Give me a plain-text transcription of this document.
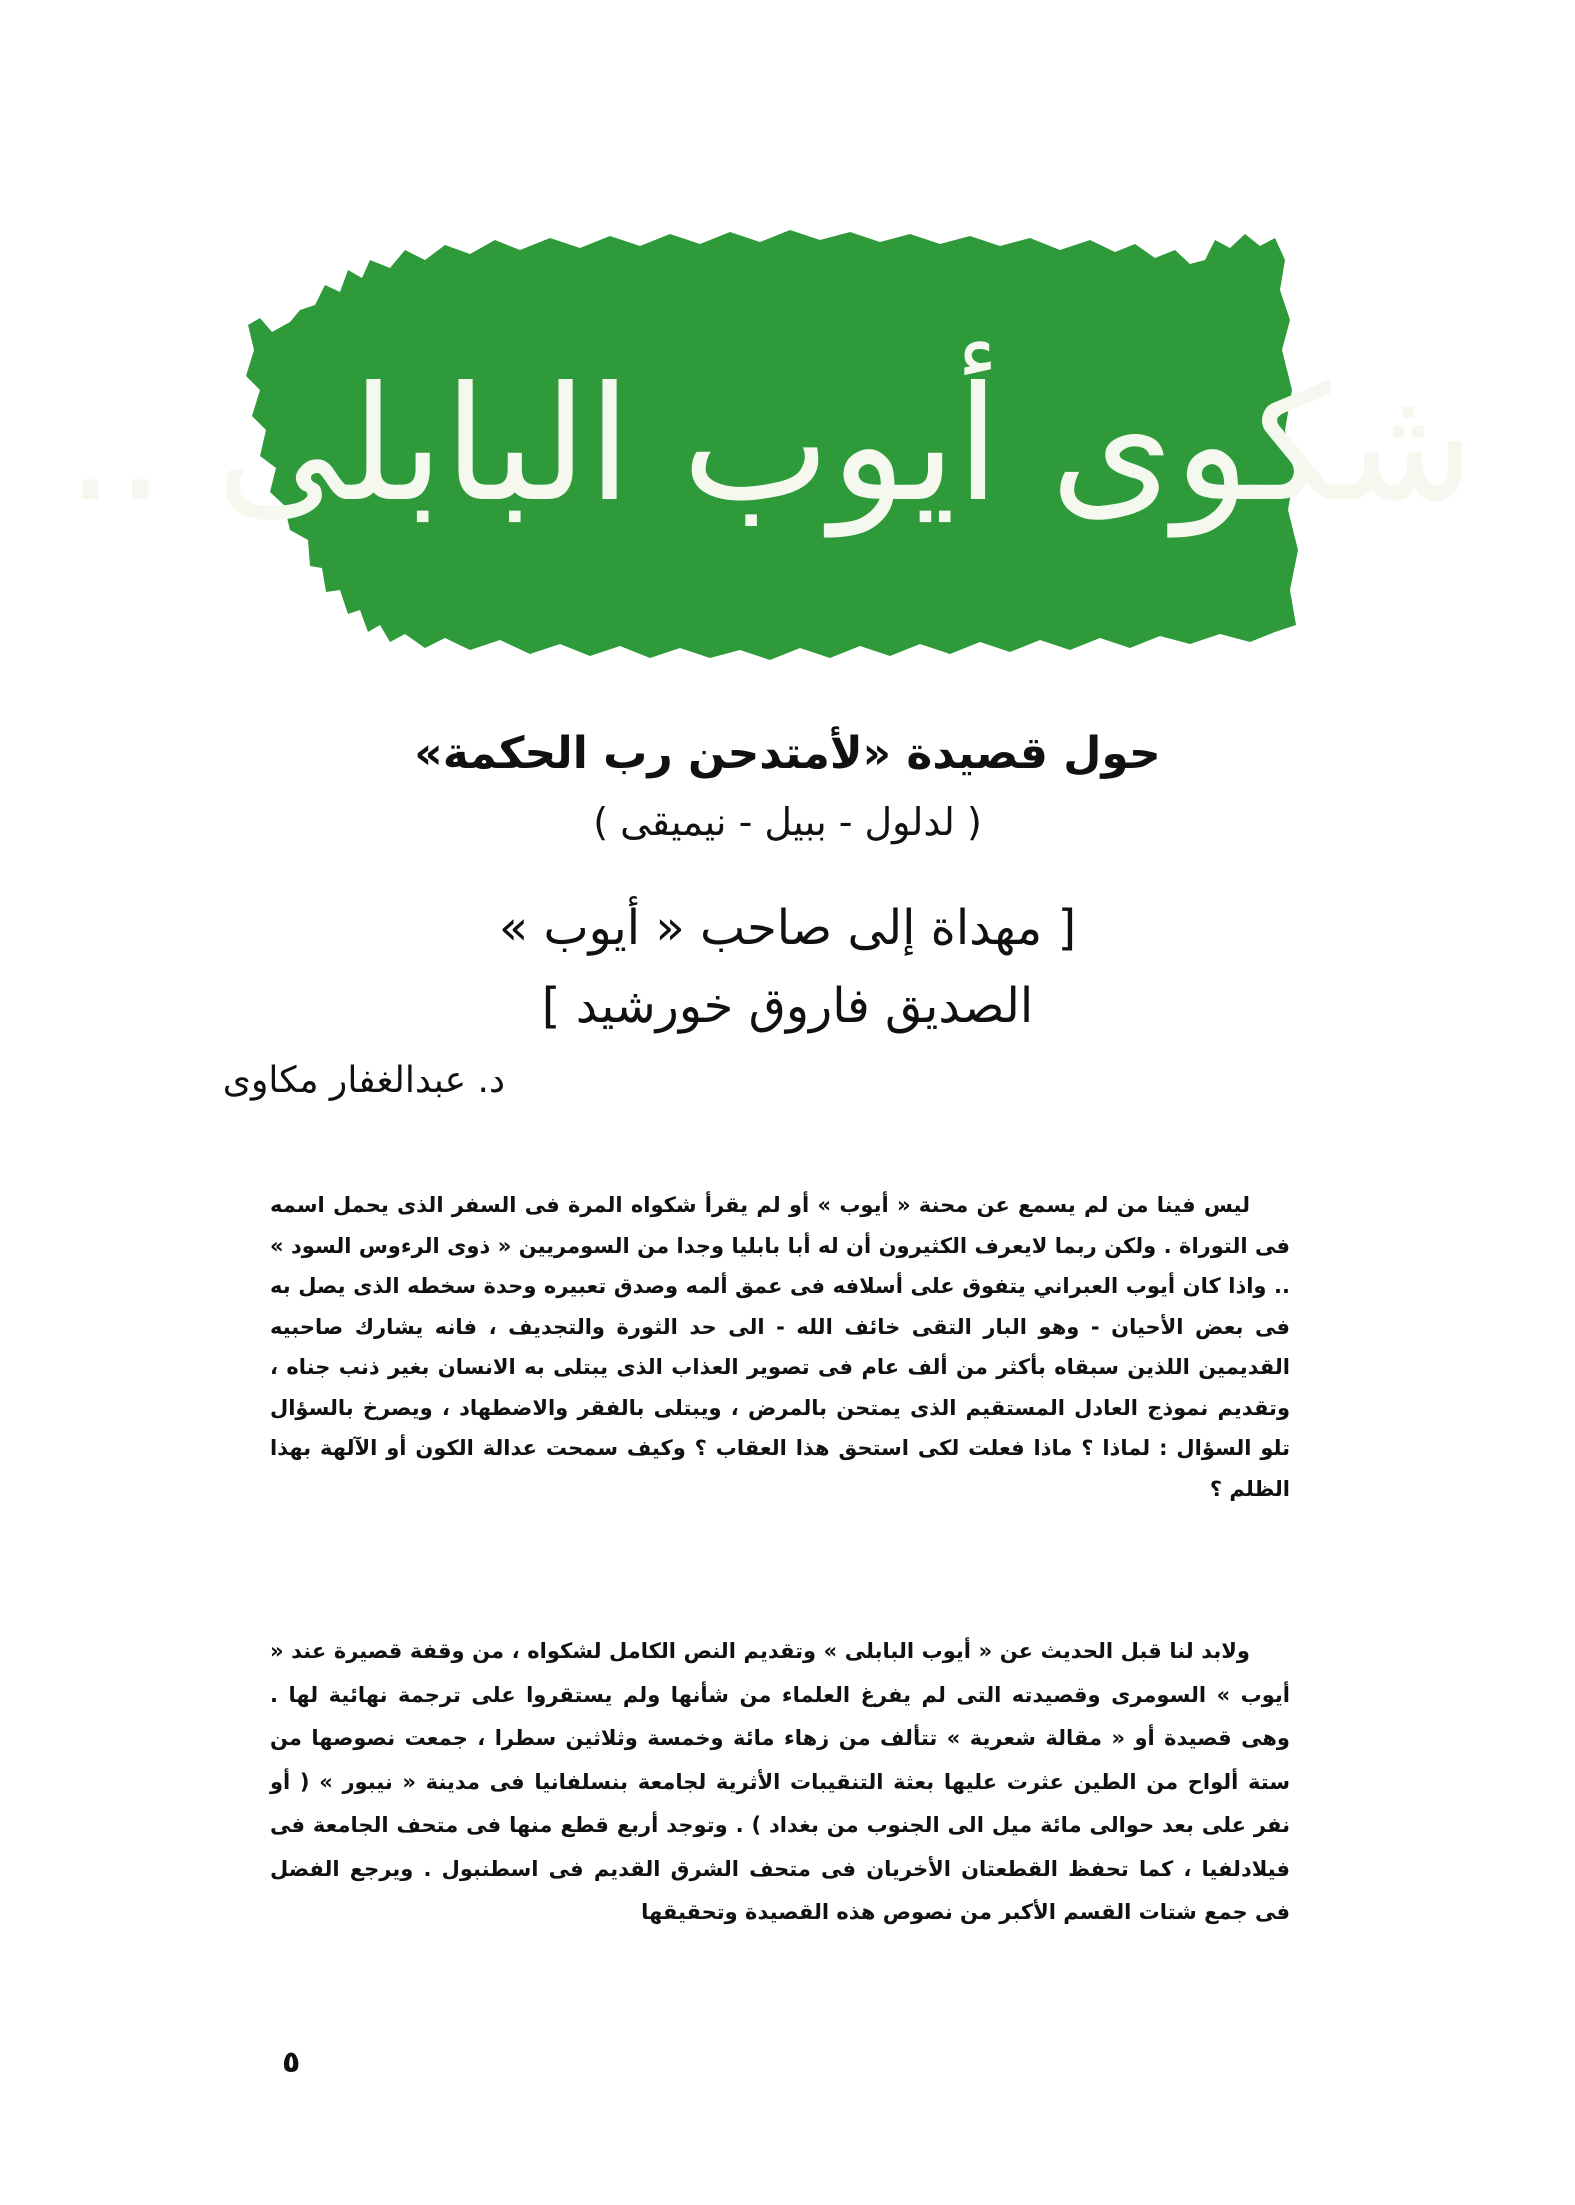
شكوى أيوب البابلى ..
حول قصيدة «لأمتدحن رب الحكمة»
( لدلول - ببيل - نيميقى )
[ مهداة إلى صاحب « أيوب »
الصديق فاروق خورشيد ]
د. عبدالغفار مكاوى

ليس فينا من لم يسمع عن محنة « أيوب » أو لم يقرأ شكواه المرة فى السفر الذى يحمل اسمه فى التوراة . ولكن ربما لايعرف الكثيرون أن له أبا بابليا وجدا من السومريين « ذوى الرءوس السود » .. واذا كان أيوب العبراني يتفوق على أسلافه فى عمق ألمه وصدق تعبيره وحدة سخطه الذى يصل به فى بعض الأحيان - وهو البار التقى خائف الله - الى حد الثورة والتجديف ، فانه يشارك صاحبيه القديمين اللذين سبقاه بأكثر من ألف عام فى تصوير العذاب الذى يبتلى به الانسان بغير ذنب جناه ، وتقديم نموذج العادل المستقيم الذى يمتحن بالمرض ، ويبتلى بالفقر والاضطهاد ، ويصرخ بالسؤال تلو السؤال : لماذا ؟ ماذا فعلت لكى استحق هذا العقاب ؟ وكيف سمحت عدالة الكون أو الآلهة بهذا الظلم ؟

ولابد لنا قبل الحديث عن « أيوب البابلى » وتقديم النص الكامل لشكواه ، من وقفة قصيرة عند « أيوب » السومرى وقصيدته التى لم يفرغ العلماء من شأنها ولم يستقروا على ترجمة نهائية لها . وهى قصيدة أو « مقالة شعرية » تتألف من زهاء مائة وخمسة وثلاثين سطرا ، جمعت نصوصها من ستة ألواح من الطين عثرت عليها بعثة التنقيبات الأثرية لجامعة بنسلفانيا فى مدينة « نيبور » ( أو نفر على بعد حوالى مائة ميل الى الجنوب من بغداد ) . وتوجد أربع قطع منها فى متحف الجامعة فى فيلادلفيا ، كما تحفظ القطعتان الأخريان فى متحف الشرق القديم فى اسطنبول . ويرجع الفضل فى جمع شتات القسم الأكبر من نصوص هذه القصيدة وتحقيقها

٥
